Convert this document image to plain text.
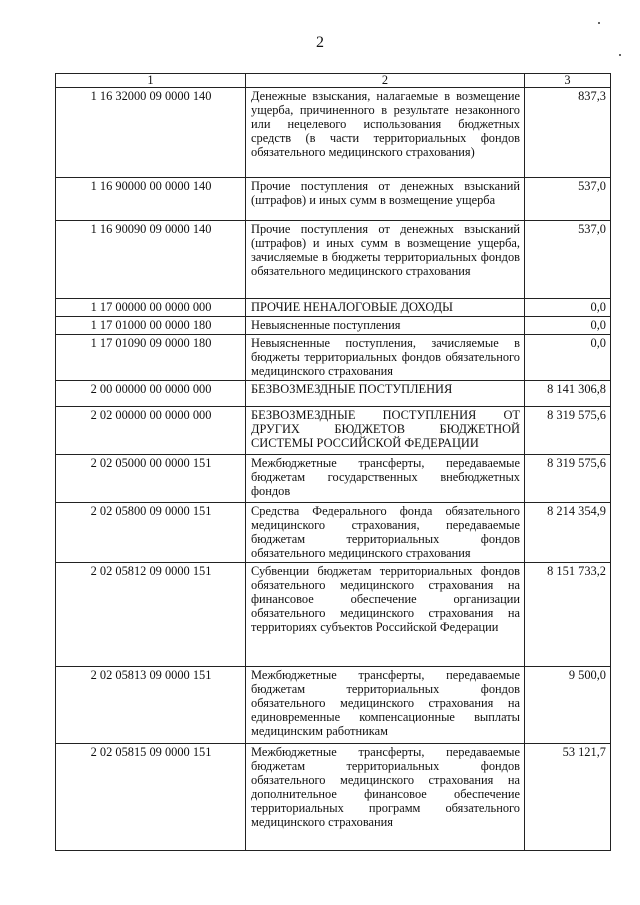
2
1	2	3
1 16 32000 09 0000 140	Денежные взыскания, налагаемые в возмещение ущерба, причиненного в результате незаконного или нецелевого использования бюджетных средств (в части территориальных фондов обязательного медицинского страхования)	837,3
1 16 90000 00 0000 140	Прочие поступления от денежных взысканий (штрафов) и иных сумм в возмещение ущерба	537,0
1 16 90090 09 0000 140	Прочие поступления от денежных взысканий (штрафов) и иных сумм в возмещение ущерба, зачисляемые в бюджеты территориальных фондов обязательного медицинского страхования	537,0
1 17 00000 00 0000 000	ПРОЧИЕ НЕНАЛОГОВЫЕ ДОХОДЫ	0,0
1 17 01000 00 0000 180	Невыясненные поступления	0,0
1 17 01090 09 0000 180	Невыясненные поступления, зачисляемые в бюджеты территориальных фондов обязательного медицинского страхования	0,0
2 00 00000 00 0000 000	БЕЗВОЗМЕЗДНЫЕ ПОСТУПЛЕНИЯ	8 141 306,8
2 02 00000 00 0000 000	БЕЗВОЗМЕЗДНЫЕ ПОСТУПЛЕНИЯ ОТ ДРУГИХ БЮДЖЕТОВ БЮДЖЕТНОЙ СИСТЕМЫ РОССИЙСКОЙ ФЕДЕРАЦИИ	8 319 575,6
2 02 05000 00 0000 151	Межбюджетные трансферты, передаваемые бюджетам государственных внебюджетных фондов	8 319 575,6
2 02 05800 09 0000 151	Средства Федерального фонда обязательного медицинского страхования, передаваемые бюджетам территориальных фондов обязательного медицинского страхования	8 214 354,9
2 02 05812 09 0000 151	Субвенции бюджетам территориальных фондов обязательного медицинского страхования на финансовое обеспечение организации обязательного медицинского страхования на территориях субъектов Российской Федерации	8 151 733,2
2 02 05813 09 0000 151	Межбюджетные трансферты, передаваемые бюджетам территориальных фондов обязательного медицинского страхования на единовременные компенсационные выплаты медицинским работникам	9 500,0
2 02 05815 09 0000 151	Межбюджетные трансферты, передаваемые бюджетам территориальных фондов обязательного медицинского страхования на дополнительное финансовое обеспечение территориальных программ обязательного медицинского страхования	53 121,7
